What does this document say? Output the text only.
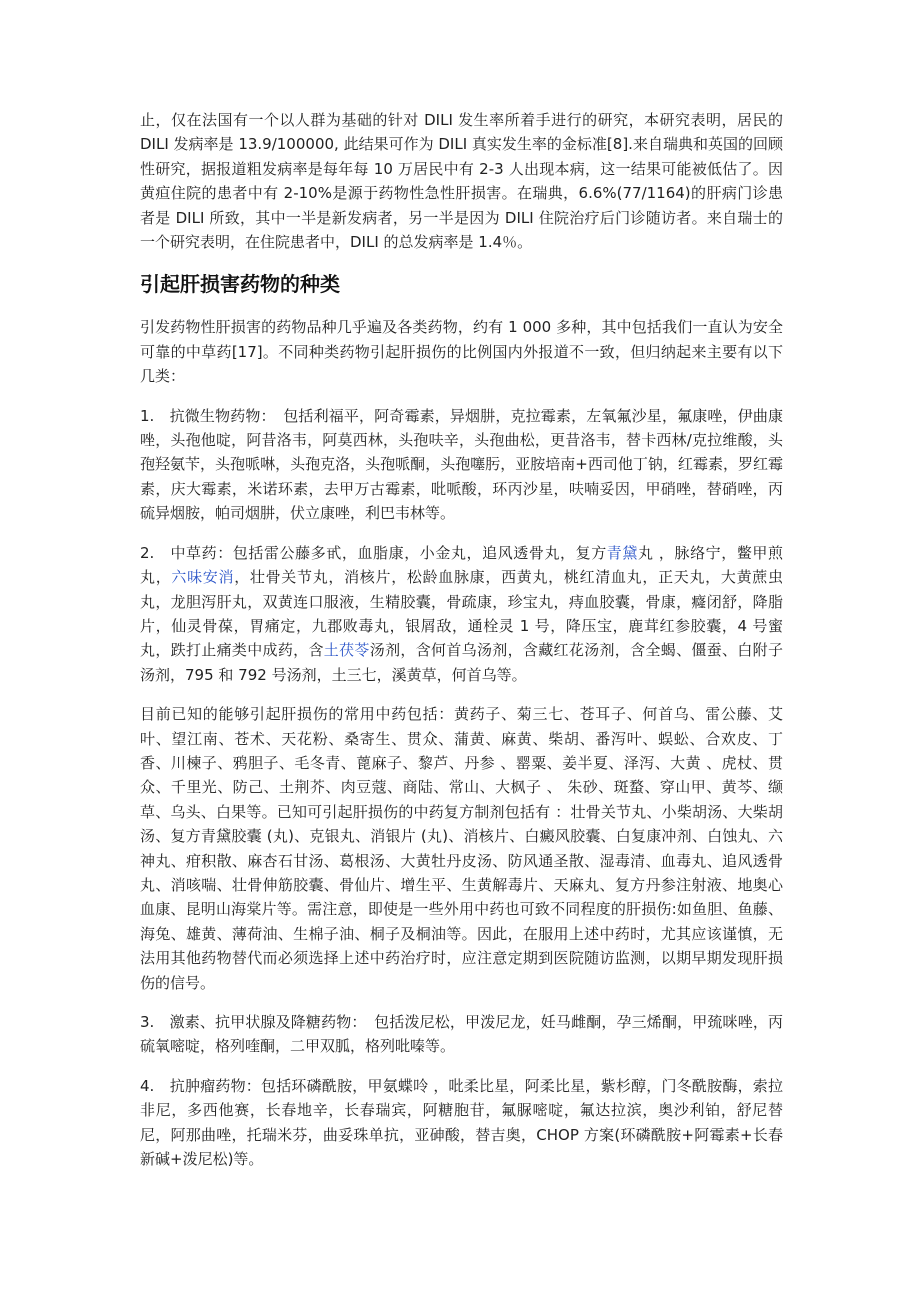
止，仅在法国有一个以人群为基础的针对 DILI 发生率所着手进行的研究，本研究表明，居民的 DILI 发病率是 13.9/100000, 此结果可作为 DILI 真实发生率的金标准[8].来自瑞典和英国的回顾性研究，据报道粗发病率是每年每 10 万居民中有 2-3 人出现本病，这一结果可能被低估了。因黄疸住院的患者中有 2-10%是源于药物性急性肝损害。在瑞典，6.6%(77/1164)的肝病门诊患者是 DILI 所致，其中一半是新发病者，另一半是因为 DILI 住院治疗后门诊随访者。来自瑞士的一个研究表明，在住院患者中，DILI 的总发病率是 1.4％。

引起肝损害药物的种类

引发药物性肝损害的药物品种几乎遍及各类药物，约有 1 000 多种，其中包括我们一直认为安全可靠的中草药[17]。不同种类药物引起肝损伤的比例国内外报道不一致，但归纳起来主要有以下几类：

1.　抗微生物药物：　包括利福平，阿奇霉素，异烟肼，克拉霉素，左氧氟沙星，氟康唑，伊曲康唑，头孢他啶，阿昔洛韦，阿莫西林，头孢呋辛，头孢曲松，更昔洛韦，替卡西林/克拉维酸，头孢羟氨苄，头孢哌啉，头孢克洛，头孢哌酮，头孢噻肟，亚胺培南+西司他丁钠，红霉素，罗红霉素，庆大霉素，米诺环素，去甲万古霉素，吡哌酸，环丙沙星，呋喃妥因，甲硝唑，替硝唑，丙硫异烟胺，帕司烟肼，伏立康唑，利巴韦林等。

2.　中草药：包括雷公藤多甙，血脂康，小金丸，追风透骨丸，复方青黛丸 ，脉络宁，鳖甲煎丸，六味安消，壮骨关节丸，消核片，松龄血脉康，西黄丸，桃红清血丸，正天丸，大黄蔗虫丸，龙胆泻肝丸，双黄连口服液，生精胶囊，骨疏康，珍宝丸，痔血胶囊，骨康，癃闭舒，降脂片，仙灵骨葆，胃痛定，九郡败毒丸，银屑敌，通栓灵 1 号，降压宝，鹿茸红参胶囊，4 号蜜丸，跌打止痛类中成药，含土茯苓汤剂，含何首乌汤剂，含藏红花汤剂，含全蝎、僵蚕、白附子汤剂，795 和 792 号汤剂，土三七，溪黄草，何首乌等。

目前已知的能够引起肝损伤的常用中药包括：黄药子、菊三七、苍耳子、何首乌、雷公藤、艾叶、望江南、苍术、天花粉、桑寄生、贯众、蒲黄、麻黄、柴胡、番泻叶、蜈蚣、合欢皮、丁香、川楝子、鸦胆子、毛冬青、蓖麻子、黎芦、丹参 、罂粟、姜半夏、泽泻、大黄 、虎杖、贯众、千里光、防己、土荆芥、肉豆蔻、商陆、常山、大枫子 、 朱砂、斑蝥、穿山甲、黄芩、缬草、乌头、白果等。已知可引起肝损伤的中药复方制剂包括有 ：壮骨关节丸、小柴胡汤、大柴胡汤、复方青黛胶囊 (丸)、克银丸、消银片 (丸)、消核片、白癜风胶囊、白复康冲剂、白蚀丸、六神丸、疳积散、麻杏石甘汤、葛根汤、大黄牡丹皮汤、防风通圣散、湿毒清、血毒丸、追风透骨丸、消咳喘、壮骨伸筋胶囊、骨仙片、增生平、生黄解毒片、天麻丸、复方丹参注射液、地奥心血康、昆明山海棠片等。需注意，即使是一些外用中药也可致不同程度的肝损伤:如鱼胆、鱼藤、海兔、雄黄、薄荷油、生棉子油、桐子及桐油等。因此，在服用上述中药时，尤其应该谨慎，无法用其他药物替代而必须选择上述中药治疗时，应注意定期到医院随访监测，以期早期发现肝损伤的信号。

3.　激素、抗甲状腺及降糖药物：　包括泼尼松，甲泼尼龙，妊马雌酮，孕三烯酮，甲巯咪唑，丙硫氧嘧啶，格列喹酮，二甲双胍，格列吡嗪等。

4.　抗肿瘤药物：包括环磷酰胺，甲氨蝶呤 ，吡柔比星，阿柔比星，紫杉醇，门冬酰胺酶，索拉非尼，多西他赛，长春地辛，长春瑞宾，阿糖胞苷，氟脲嘧啶，氟达拉滨，奥沙利铂，舒尼替尼，阿那曲唑，托瑞米芬，曲妥珠单抗，亚砷酸，替吉奥，CHOP 方案(环磷酰胺+阿霉素+长春新碱+泼尼松)等。
